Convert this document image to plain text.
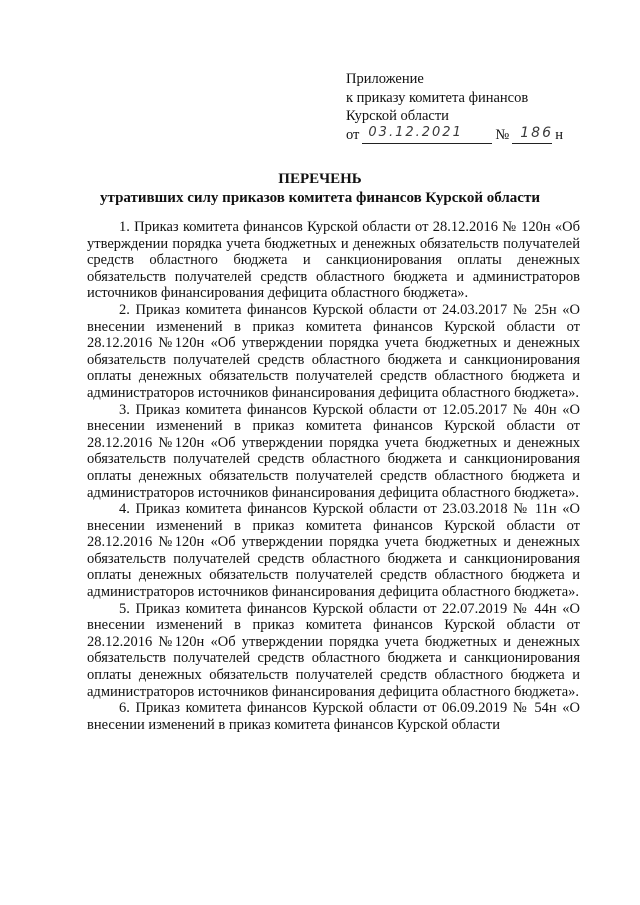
Приложение
к приказу комитета финансов
Курской области
от 03.12.2021 № 186 н
ПЕРЕЧЕНЬ
утративших силу приказов комитета финансов Курской области

1. Приказ комитета финансов Курской области от 28.12.2016 № 120н «Об утверждении порядка учета бюджетных и денежных обязательств получателей средств областного бюджета и санкционирования оплаты денежных обязательств получателей средств областного бюджета и администраторов источников финансирования дефицита областного бюджета».

2. Приказ комитета финансов Курской области от 24.03.2017 № 25н «О внесении изменений в приказ комитета финансов Курской области от 28.12.2016 №120н «Об утверждении порядка учета бюджетных и денежных обязательств получателей средств областного бюджета и санкционирования оплаты денежных обязательств получателей средств областного бюджета и администраторов источников финансирования дефицита областного бюджета».

3. Приказ комитета финансов Курской области от 12.05.2017 № 40н «О внесении изменений в приказ комитета финансов Курской области от 28.12.2016 №120н «Об утверждении порядка учета бюджетных и денежных обязательств получателей средств областного бюджета и санкционирования оплаты денежных обязательств получателей средств областного бюджета и администраторов источников финансирования дефицита областного бюджета».

4. Приказ комитета финансов Курской области от 23.03.2018 № 11н «О внесении изменений в приказ комитета финансов Курской области от 28.12.2016 №120н «Об утверждении порядка учета бюджетных и денежных обязательств получателей средств областного бюджета и санкционирования оплаты денежных обязательств получателей средств областного бюджета и администраторов источников финансирования дефицита областного бюджета».

5. Приказ комитета финансов Курской области от 22.07.2019 № 44н «О внесении изменений в приказ комитета финансов Курской области от 28.12.2016 №120н «Об утверждении порядка учета бюджетных и денежных обязательств получателей средств областного бюджета и санкционирования оплаты денежных обязательств получателей средств областного бюджета и администраторов источников финансирования дефицита областного бюджета».

6. Приказ комитета финансов Курской области от 06.09.2019 № 54н «О внесении изменений в приказ комитета финансов Курской области
